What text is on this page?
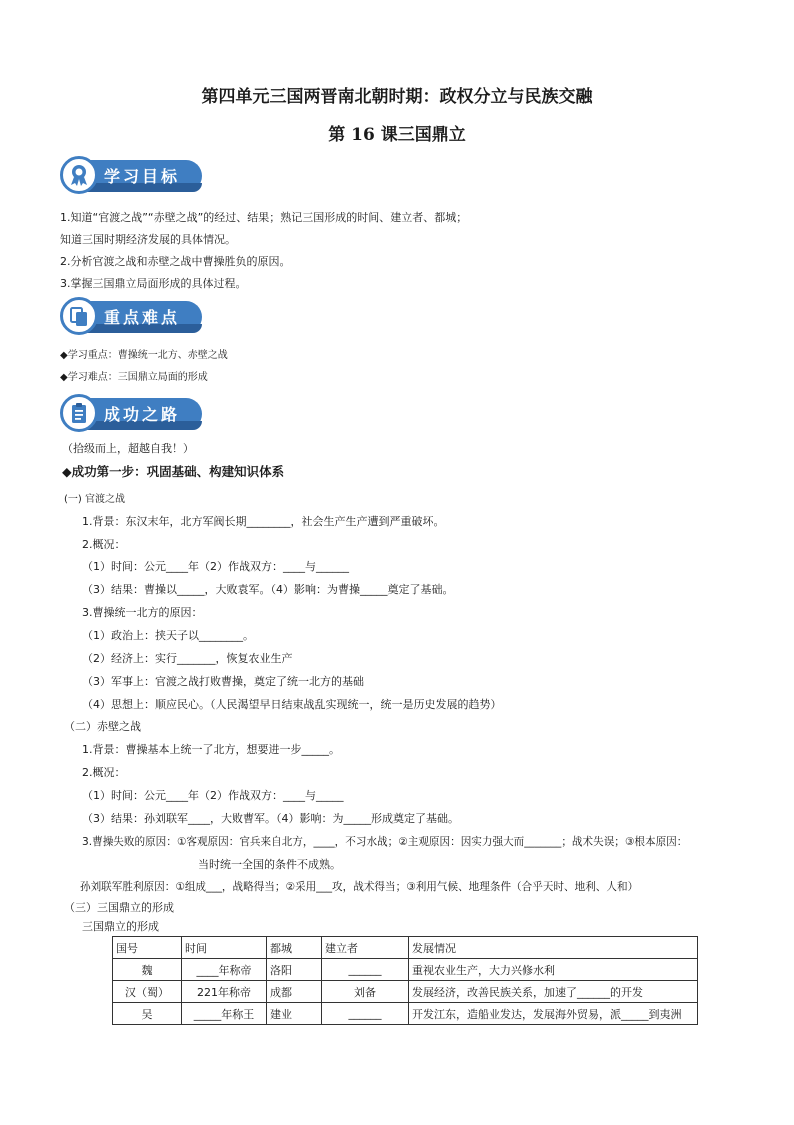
第四单元三国两晋南北朝时期：政权分立与民族交融
第 16 课三国鼎立
学习目标
1.知道“官渡之战”“赤壁之战”的经过、结果；熟记三国形成的时间、建立者、都城；
知道三国时期经济发展的具体情况。
2.分析官渡之战和赤壁之战中曹操胜负的原因。
3.掌握三国鼎立局面形成的具体过程。
重点难点
◆学习重点：曹操统一北方、赤壁之战
◆学习难点：三国鼎立局面的形成
成功之路
（拾级而上，超越自我！）
◆成功第一步：巩固基础、构建知识体系
(一) 官渡之战
1.背景：东汉末年，北方军阀长期________，社会生产生产遭到严重破坏。
2.概况：
（1）时间：公元____年（2）作战双方：____与______
（3）结果：曹操以_____，大败袁军。（4）影响：为曹操_____奠定了基础。
3.曹操统一北方的原因：
（1）政治上：挟天子以________。
（2）经济上：实行_______，恢复农业生产
（3）军事上：官渡之战打败曹操，奠定了统一北方的基础
（4）思想上：顺应民心。（人民渴望早日结束战乱实现统一，统一是历史发展的趋势）
（二）赤壁之战
1.背景：曹操基本上统一了北方，想要进一步_____。
2.概况：
（1）时间：公元____年（2）作战双方：____与_____
（3）结果：孙刘联军____，大败曹军。（4）影响：为_____形成奠定了基础。
3.曹操失败的原因：①客观原因：官兵来自北方，____，不习水战；②主观原因：因实力强大而_______；战术失误；③根本原因：
当时统一全国的条件不成熟。
孙刘联军胜利原因：①组成___，战略得当；②采用___攻，战术得当；③利用气候、地理条件（合乎天时、地利、人和）
（三）三国鼎立的形成
三国鼎立的形成
国号	时间	都城	建立者	发展情况
魏	____年称帝	洛阳	______	重视农业生产，大力兴修水利
汉（蜀）	221年称帝	成都	刘备	发展经济，改善民族关系，加速了______的开发
吴	_____年称王	建业	______	开发江东，造船业发达，发展海外贸易，派_____到夷洲
